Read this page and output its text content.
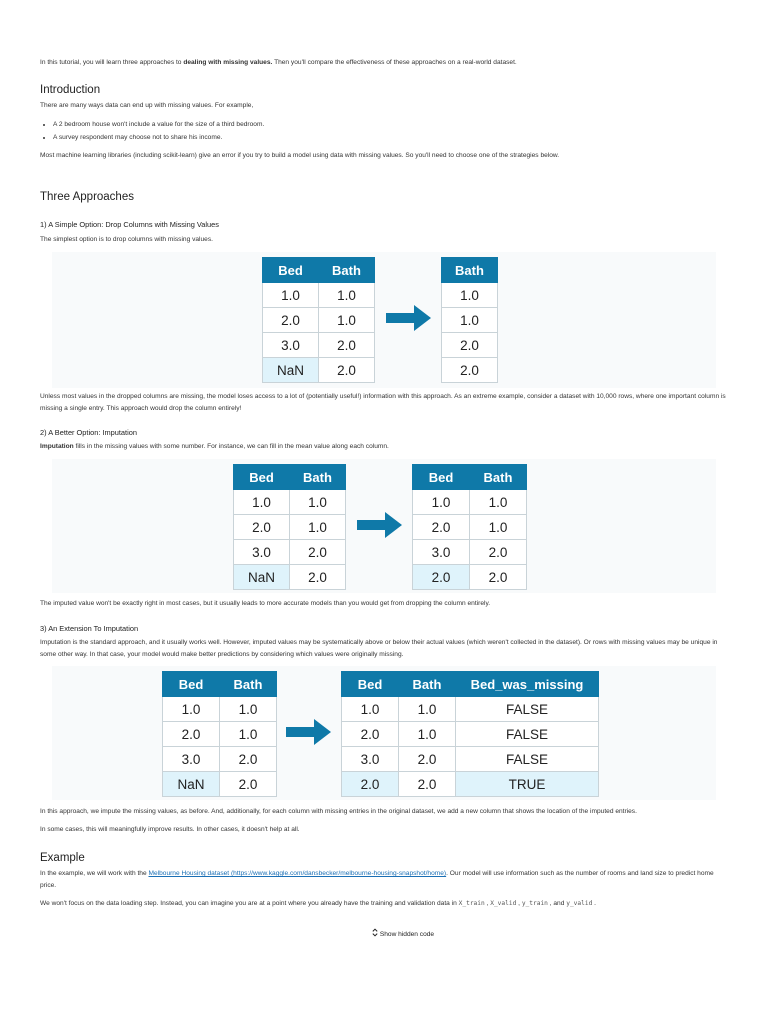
In this tutorial, you will learn three approaches to dealing with missing values. Then you'll compare the effectiveness of these approaches on a real-world dataset.

Introduction

There are many ways data can end up with missing values. For example,

• A 2 bedroom house won't include a value for the size of a third bedroom.
• A survey respondent may choose not to share his income.

Most machine learning libraries (including scikit-learn) give an error if you try to build a model using data with missing values. So you'll need to choose one of the strategies below.

Three Approaches
1) A Simple Option: Drop Columns with Missing Values

The simplest option is to drop columns with missing values.

Bed	Bath
1.0	1.0
2.0	1.0
3.0	2.0
NaN	2.0
Bath
1.0
1.0
2.0
2.0

Unless most values in the dropped columns are missing, the model loses access to a lot of (potentially useful!) information with this approach. As an extreme example, consider a dataset with 10,000 rows, where one important column is missing a single entry. This approach would drop the column entirely!

2) A Better Option: Imputation

Imputation fills in the missing values with some number. For instance, we can fill in the mean value along each column.

Bed	Bath
1.0	1.0
2.0	1.0
3.0	2.0
NaN	2.0
Bed	Bath
1.0	1.0
2.0	1.0
3.0	2.0
2.0	2.0

The imputed value won't be exactly right in most cases, but it usually leads to more accurate models than you would get from dropping the column entirely.

3) An Extension To Imputation

Imputation is the standard approach, and it usually works well. However, imputed values may be systematically above or below their actual values (which weren't collected in the dataset). Or rows with missing values may be unique in some other way. In that case, your model would make better predictions by considering which values were originally missing.

Bed	Bath
1.0	1.0
2.0	1.0
3.0	2.0
NaN	2.0
Bed	Bath	Bed_was_missing
1.0	1.0	FALSE
2.0	1.0	FALSE
3.0	2.0	FALSE
2.0	2.0	TRUE

In this approach, we impute the missing values, as before. And, additionally, for each column with missing entries in the original dataset, we add a new column that shows the location of the imputed entries.

In some cases, this will meaningfully improve results. In other cases, it doesn't help at all.

Example

In the example, we will work with the Melbourne Housing dataset (https://www.kaggle.com/dansbecker/melbourne-housing-snapshot/home). Our model will use information such as the number of rooms and land size to predict home price.

We won't focus on the data loading step. Instead, you can imagine you are at a point where you already have the training and validation data in X_train , X_valid , y_train , and y_valid .

Show hidden code
